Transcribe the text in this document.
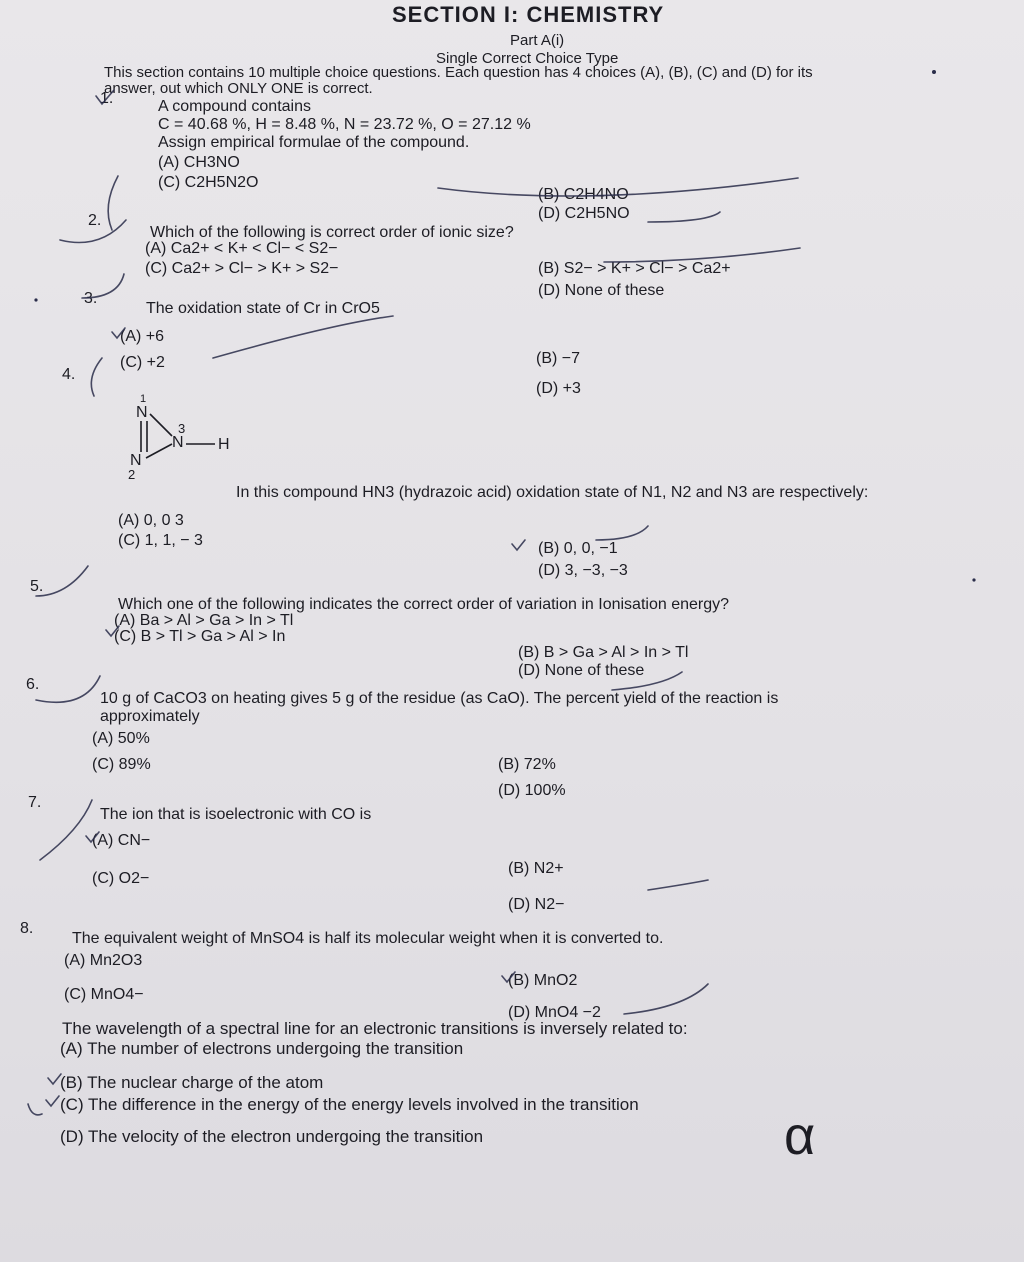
SECTION I: CHEMISTRY
Part A(i)
Single Correct Choice Type
This section contains 10 multiple choice questions. Each question has 4 choices (A), (B), (C) and (D) for its
answer, out which ONLY ONE is correct.
1.	A compound contains
C = 40.68 %, H = 8.48 %, N = 23.72 %, O = 27.12 %
Assign empirical formulae of the compound.
(A) CH3NO
(C) C2H5N2O
(B) C2H4NO
(D) C2H5NO
2.
Which of the following is correct order of ionic size?
(A) Ca2+ < K+ < Cl− < S2−
(C) Ca2+ > Cl− > K+ > S2−	(B) S2− > K+ > Cl− > Ca2+
(D) None of these
3.
The oxidation state of Cr in CrO5
(A) +6
(C) +2	(B) −7
(D) +3
4.
1
N
3
N H
N
2
In this compound HN3 (hydrazoic acid) oxidation state of N1, N2 and N3 are respectively:
(A) 0, 0 3
(C) 1, 1, − 3	(B) 0, 0, −1
(D) 3, −3, −3
5.
Which one of the following indicates the correct order of variation in Ionisation energy?
(A) Ba > Al > Ga > In > Tl
(C) B > Tl > Ga > Al > In
(B) B > Ga > Al > In > Tl
(D) None of these
6.
10 g of CaCO3 on heating gives 5 g of the residue (as CaO). The percent yield of the reaction is
approximately
(A) 50%
(C) 89%	(B) 72%
(D) 100%
7.
The ion that is isoelectronic with CO is
(A) CN−
(C) O2−
(B) N2+
(D) N2−
8.
The equivalent weight of MnSO4 is half its molecular weight when it is converted to.
(A) Mn2O3
(C) MnO4−
(B) MnO2
(D) MnO4 −2
The wavelength of a spectral line for an electronic transitions is inversely related to:
(A) The number of electrons undergoing the transition
(B) The nuclear charge of the atom
(C) The difference in the energy of the energy levels involved in the transition
(D) The velocity of the electron undergoing the transition	α
